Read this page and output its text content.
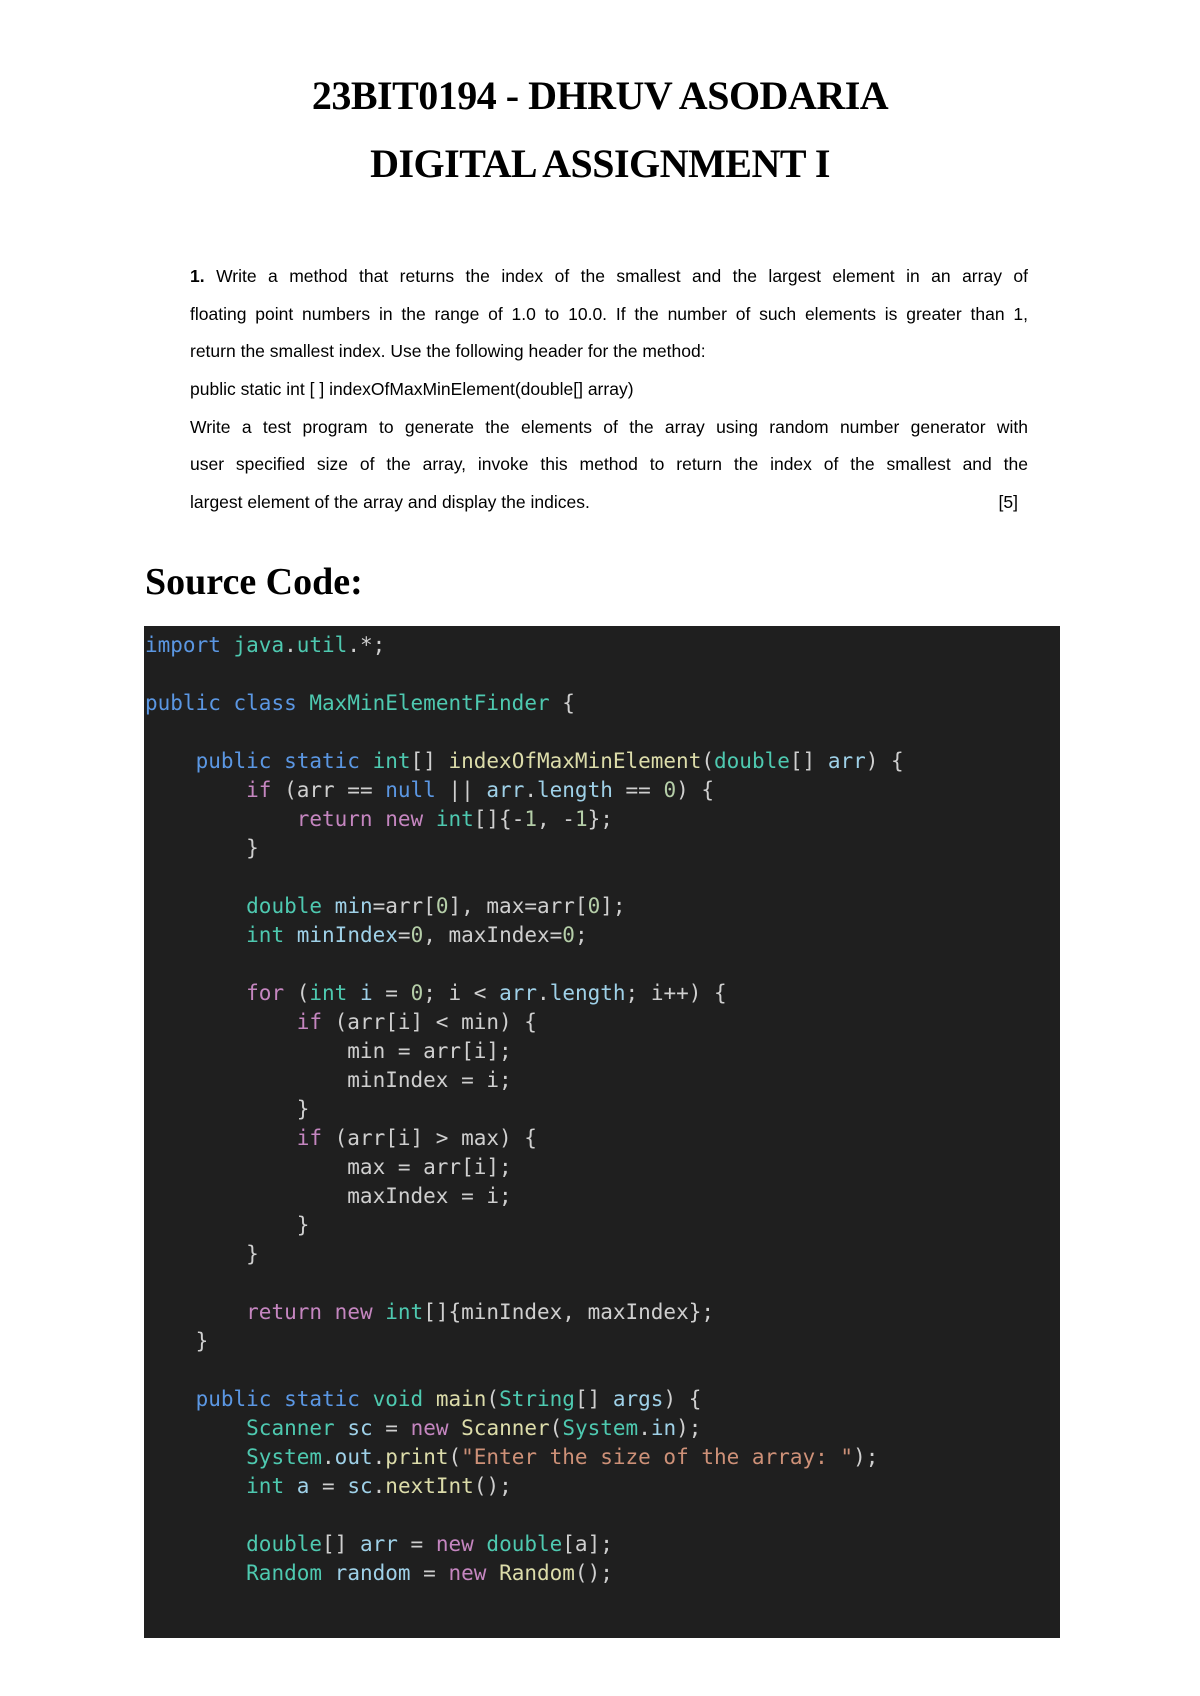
23BIT0194 - DHRUV ASODARIA
DIGITAL ASSIGNMENT I
1. Write a method that returns the index of the smallest and the largest element in an array of
floating point numbers in the range of 1.0 to 10.0. If the number of such elements is greater than 1,
return the smallest index. Use the following header for the method:
public static int [ ] indexOfMaxMinElement(double[] array)
Write a test program to generate the elements of the array using random number generator with
user specified size of the array, invoke this method to return the index of the smallest and the
largest element of the array and display the indices.	[5]
Source Code:
import java.util.*;

public class MaxMinElementFinder {

public static int[] indexOfMaxMinElement(double[] arr) {
if (arr == null || arr.length == 0) {
return new int[]{-1, -1};
}

double min=arr[0], max=arr[0];
int minIndex=0, maxIndex=0;

for (int i = 0; i < arr.length; i++) {
if (arr[i] < min) {
min = arr[i];
minIndex = i;
}
if (arr[i] > max) {
max = arr[i];
maxIndex = i;
}
}

return new int[]{minIndex, maxIndex};
}

public static void main(String[] args) {
Scanner sc = new Scanner(System.in);
System.out.print("Enter the size of the array: ");
int a = sc.nextInt();

double[] arr = new double[a];
Random random = new Random();
